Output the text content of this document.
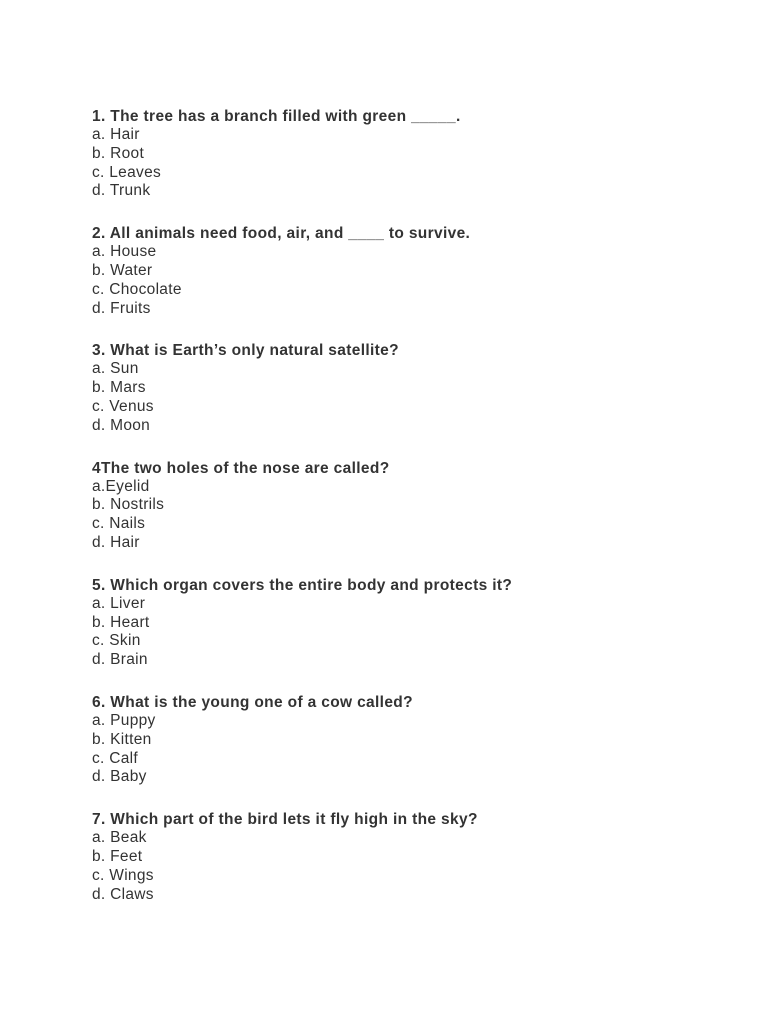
1. The tree has a branch filled with green _____.

a. Hair

b. Root

c. Leaves

d. Trunk

2. All animals need food, air, and ____ to survive.

a. House

b. Water

c. Chocolate

d. Fruits

3. What is Earth’s only natural satellite?

a. Sun

b. Mars

c. Venus

d. Moon

4The two holes of the nose are called?

a.Eyelid

b. Nostrils

c. Nails

d. Hair

5. Which organ covers the entire body and protects it?

a. Liver

b. Heart

c. Skin

d. Brain

6. What is the young one of a cow called?

a. Puppy

b. Kitten

c. Calf

d. Baby

7. Which part of the bird lets it fly high in the sky?

a. Beak

b. Feet

c. Wings

d. Claws
